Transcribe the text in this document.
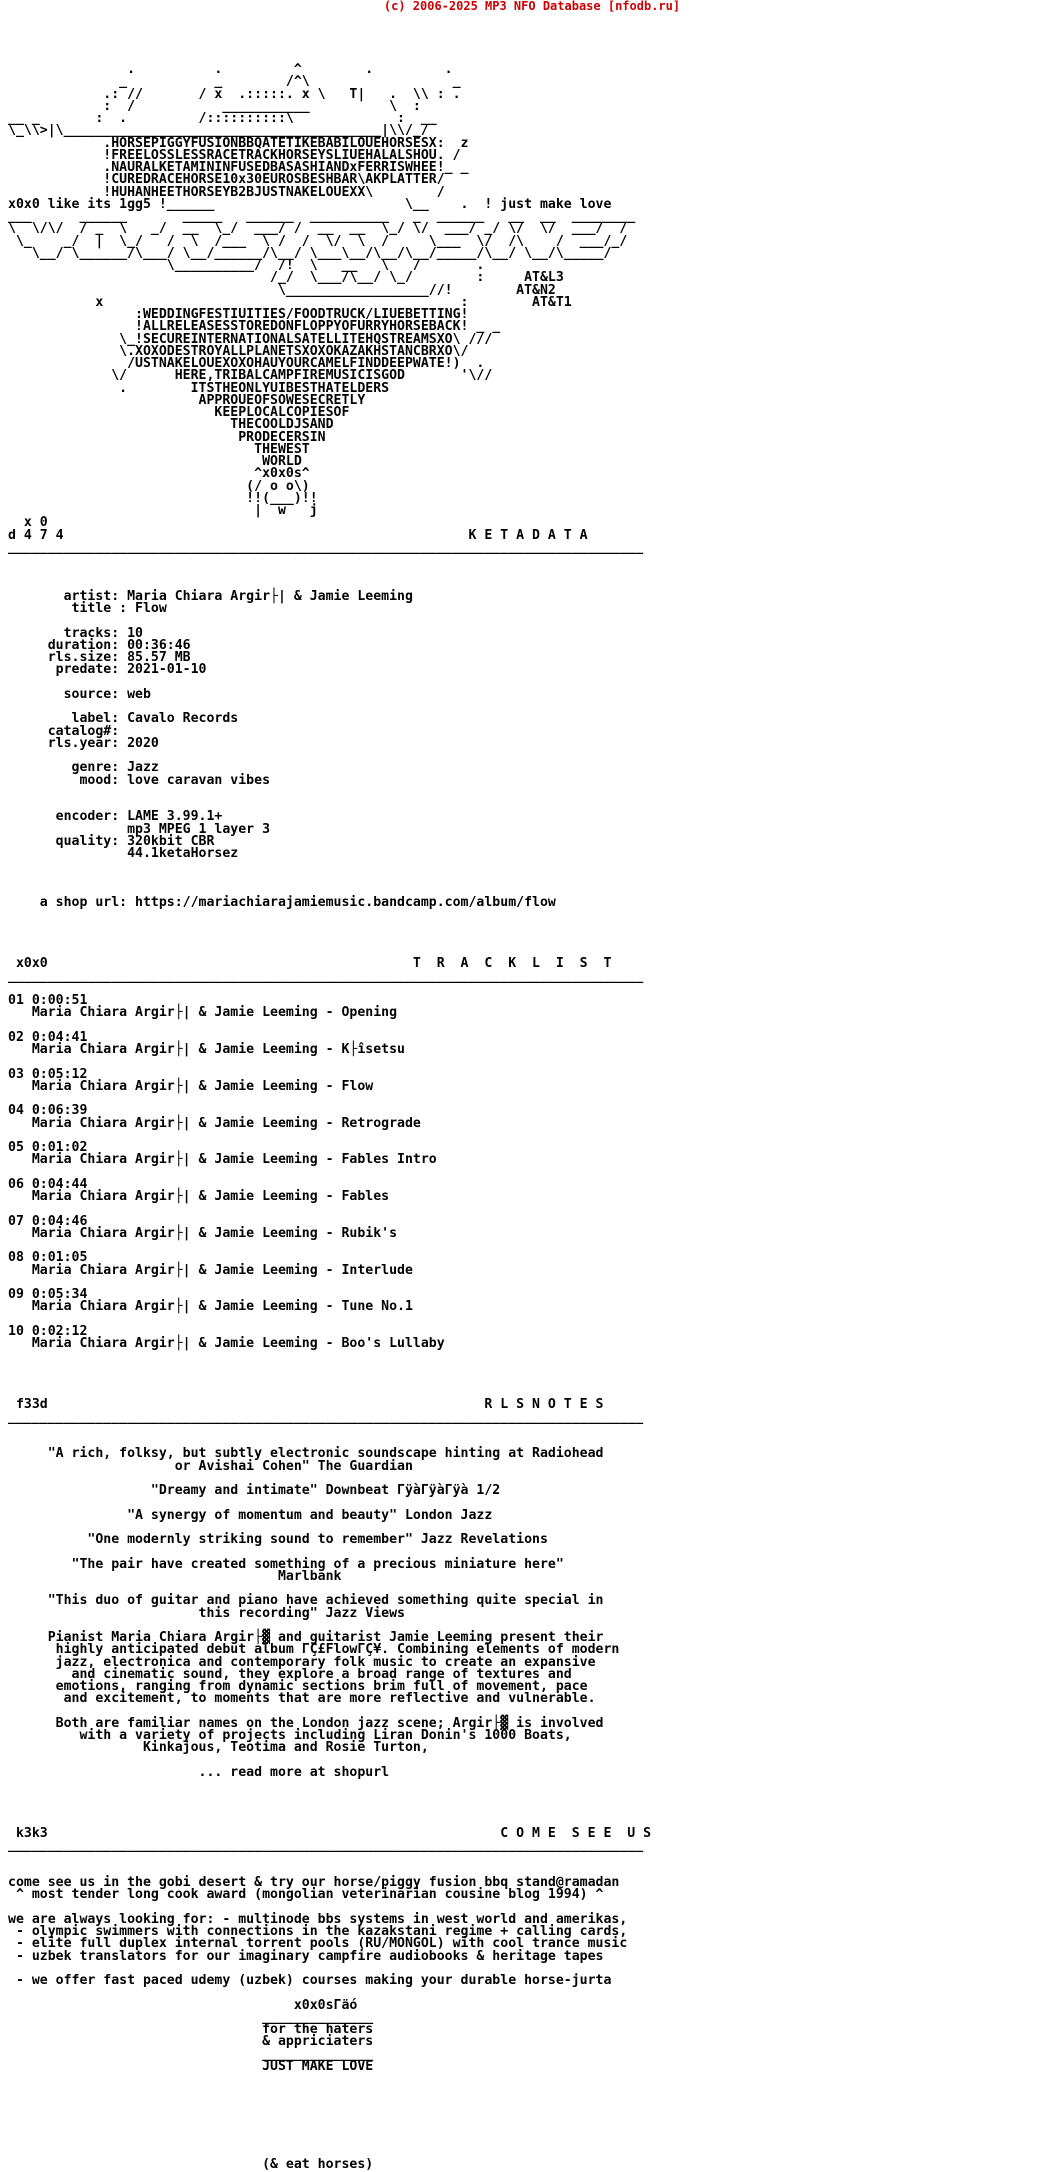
(c) 2006-2025 MP3 NFO Database [nfodb.ru]
.          .         ^        .         .
_           _        /^\                  _
.: //       / x  .:::::. x \   T|   .  \\ : .
:  /           ___________          \  :
__ _       :  .         /::::::::::\             :  __
\_\\>|\________________________________________|\\/_/
.HORSEPIGGYFUSIONBBQATETIKEBABILOUEHORSESX:  z
!FREELOSSLESSRACETRACKHORSEYSLIUEHALALSHOU. /
.NAURALKETAMININFUSEDBASASHIANDxFERRISWHEE!_ _
!CUREDRACEHORSE10x30EUROSBESHBAR\AKPLATTER/
!HUHANHEETHORSEYB2BJUSTNAKELOUEXX\        /
x0x0 like its 1gg5 !______                        \__    .  ! just make love
___      ______       _____   ______  __________   _  ______   __  __  ________
\  \/\/  / _  \   _/  __  \_/  ___/ /  __  __  \_/ \/  ___/ _/ \/  \/  ___/  /
\_    _/  |  \_/   /  \  /___  \ /  /  \/  \  /     \___  \/  /\    /  ___/_/
\__/ \______/\___/ \__/______/\__/ \___\__/\__/\__/_____/\__/ \__/\_____/
\__________/  /!  \   __   \   /       .
/_/  \___/\__/ \_/        :     AT&L3
\__________________//!        AT&N2
x                                             :        AT&T1
:WEDDINGFESTIUITIES/FOODTRUCK/LIUEBETTING!
!ALLRELEASESSTOREDONFLOPPYOFURRYHORSEBACK! _ _
\_!SECUREINTERNATIONALSATELLITEHQSTREAMSXO\ ///
\.XOXODESTROYALLPLANETSXOXOKAZAKHSTANCBRXO\/
/USTNAKELOUEXOXOHAUYOURCAMELFINDDEEPWATE!)  .
\/      HERE,TRIBALCAMPFIREMUSICISGOD       '\//
.        ITSTHEONLYUIBESTHATELDERS
APPROUEOFSOWESECRETLY
KEEPLOCALCOPIESOF
THECOOLDJSAND
PRODECERSIN
THEWEST
WORLD
^x0x0s^
(/ o o\)
!!(___)!!
|  w   j
x 0
d 4 7 4                                                   K E T A D A T A
________________________________________________________________________________

artist: Maria Chiara Argir├| & Jamie Leeming
title : Flow

tracks: 10
duration: 00:36:46
rls.size: 85.57 MB
predate: 2021-01-10

source: web

label: Cavalo Records
catalog#:
rls.year: 2020

genre: Jazz
mood: love caravan vibes

encoder: LAME 3.99.1+
mp3 MPEG 1 layer 3
quality: 320kbit CBR
44.1ketaHorsez

a shop url: https://mariachiarajamiemusic.bandcamp.com/album/flow

x0x0                                              T  R  A  C  K  L  I  S  T
________________________________________________________________________________

01 0:00:51
Maria Chiara Argir├| & Jamie Leeming - Opening

02 0:04:41
Maria Chiara Argir├| & Jamie Leeming - K├îsetsu

03 0:05:12
Maria Chiara Argir├| & Jamie Leeming - Flow

04 0:06:39
Maria Chiara Argir├| & Jamie Leeming - Retrograde

05 0:01:02
Maria Chiara Argir├| & Jamie Leeming - Fables Intro

06 0:04:44
Maria Chiara Argir├| & Jamie Leeming - Fables

07 0:04:46
Maria Chiara Argir├| & Jamie Leeming - Rubik's

08 0:01:05
Maria Chiara Argir├| & Jamie Leeming - Interlude

09 0:05:34
Maria Chiara Argir├| & Jamie Leeming - Tune No.1

10 0:02:12
Maria Chiara Argir├| & Jamie Leeming - Boo's Lullaby

f33d                                                       R L S N O T E S
________________________________________________________________________________

"A rich, folksy, but subtly electronic soundscape hinting at Radiohead
or Avishai Cohen" The Guardian

"Dreamy and intimate" Downbeat ΓÿàΓÿàΓÿà 1/2

"A synergy of momentum and beauty" London Jazz

"One modernly striking sound to remember" Jazz Revelations

"The pair have created something of a precious miniature here"
Marlbank

"This duo of guitar and piano have achieved something quite special in
this recording" Jazz Views

Pianist Maria Chiara Argir├▓ and guitarist Jamie Leeming present their
highly anticipated debut album ΓÇ£FlowΓÇ¥. Combining elements of modern
jazz, electronica and contemporary folk music to create an expansive
and cinematic sound, they explore a broad range of textures and
emotions, ranging from dynamic sections brim full of movement, pace
and excitement, to moments that are more reflective and vulnerable.

Both are familiar names on the London jazz scene; Argir├▓ is involved
with a variety of projects including Liran Donin's 1000 Boats,
Kinkajous, Teotima and Rosie Turton,

... read more at shopurl

k3k3                                                         C O M E  S E E  U S
________________________________________________________________________________

come see us in the gobi desert & try our horse/piggy fusion bbq stand@ramadan
^ most tender long cook award (mongolian veterinarian cousine blog 1994) ^

we are always looking for: - multinode bbs systems in west world and amerikas,
- olympic swimmers with connections in the kazakstani regime + calling cards,
- elite full duplex internal torrent pools (RU/MONGOL) with cool trance music
- uzbek translators for our imaginary campfire audiobooks & heritage tapes

- we offer fast paced udemy (uzbek) courses making your durable horse-jurta

x0x0sΓäó
______________
for the haters
& appriciaters
______________
JUST MAKE LOVE

(& eat horses)
